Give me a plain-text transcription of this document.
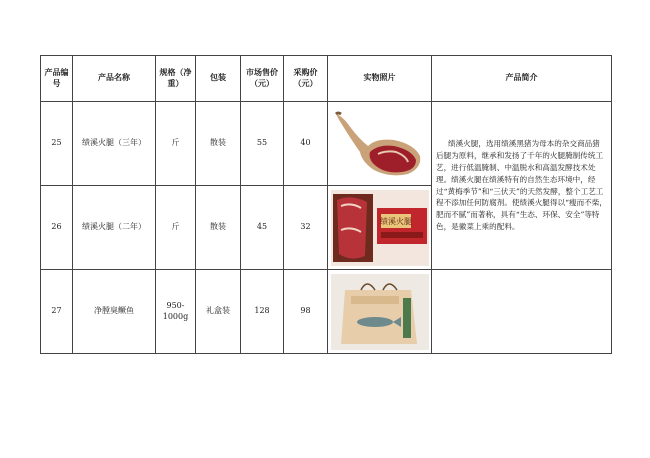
产品编号	产品名称	规格（净重）	包装	市场售价（元）	采购价（元）	实物照片	产品简介
25	绩溪火腿（三年）	斤	散装	55	40		绩溪火腿，选用绩溪黑猪为母本的杂交商品猪后腿为原料，继承和发扬了千年的火腿腌制传统工艺，进行低温腌制、中温脱水和高温发酵技术处理。绩溪火腿在绩溪特有的自然生态环境中，经过“黄梅季节”和“三伏天”的天然发酵，整个工艺工程不添加任何防腐剂。使绩溪火腿得以“瘦而不柴，肥而不腻”而著称，具有“生态、环保、安全”等特色，是徽菜上乘的配料。
26	绩溪火腿（二年）	斤	散装	45	32	绩溪火腿	

27	净膛臭鳜鱼	950-1000g	礼盒装	128	98	
